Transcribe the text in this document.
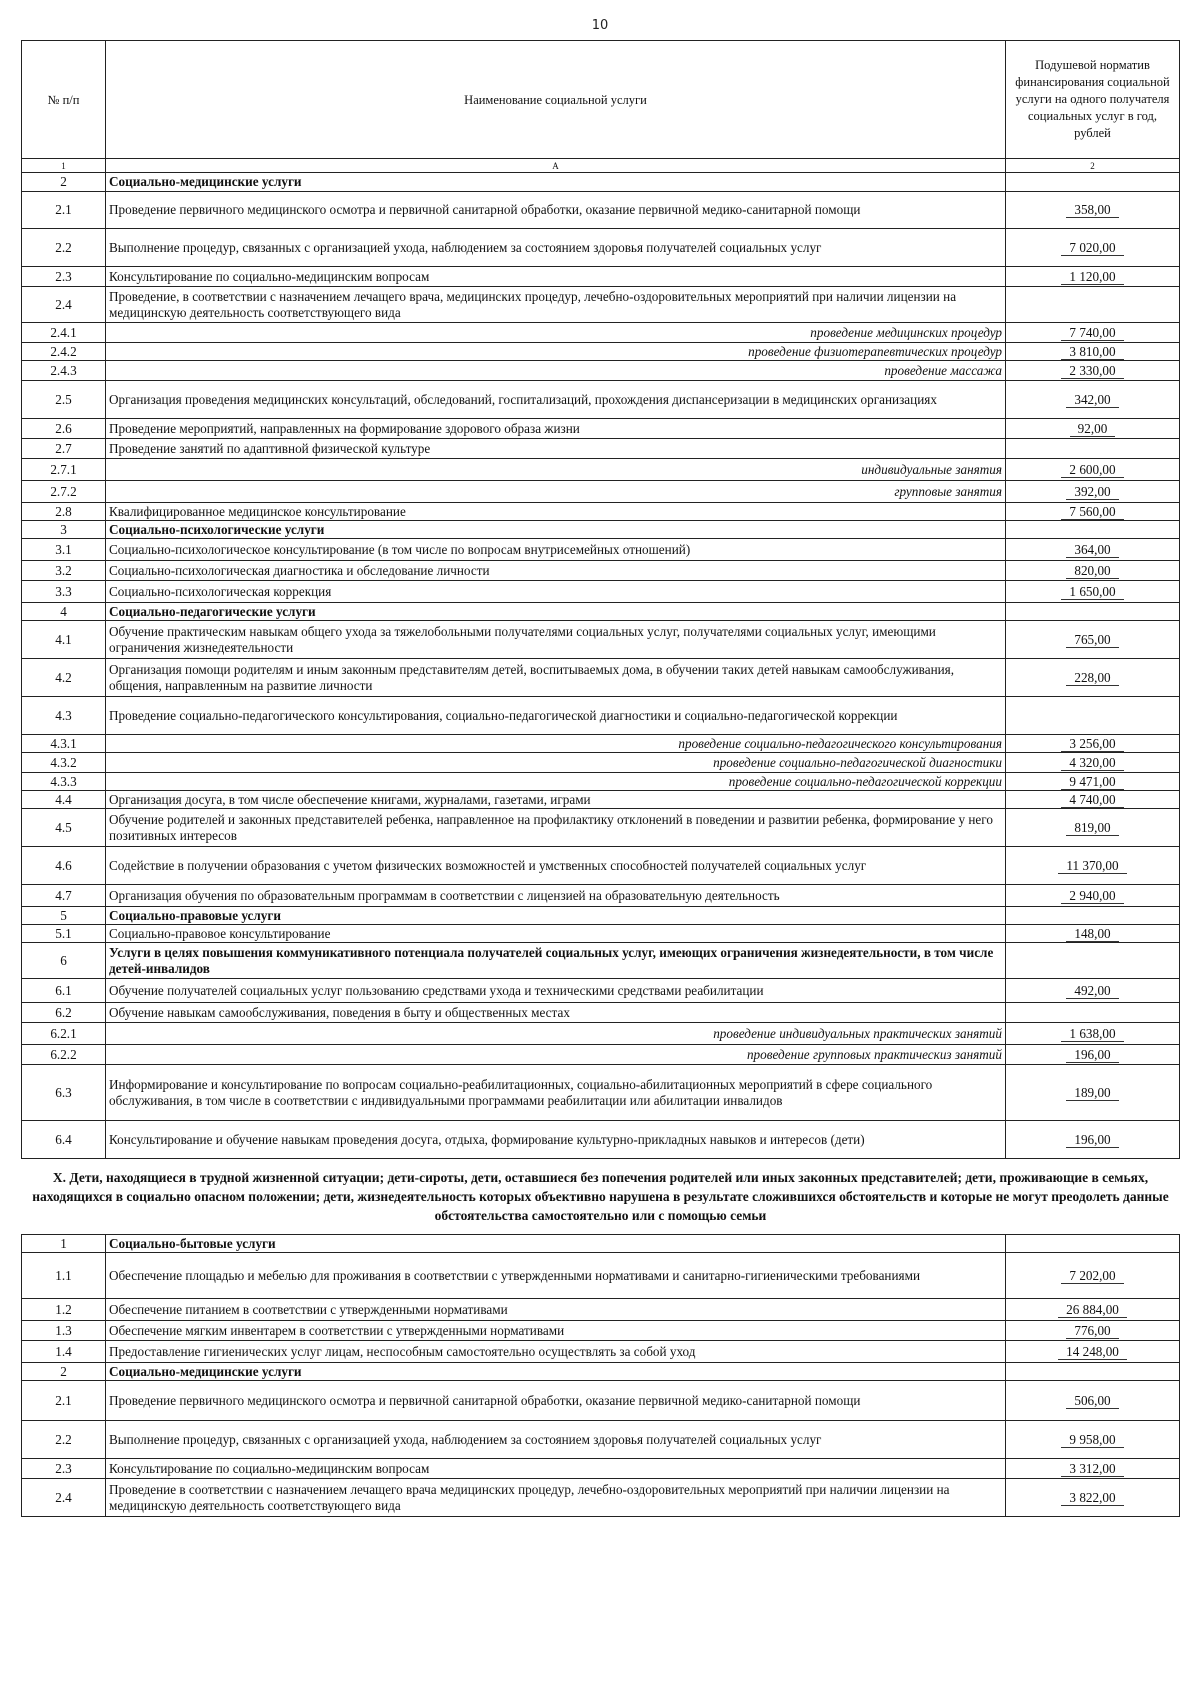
10
№ п/п	Наименование социальной услуги	Подушевой норматив финансирования социальной услуги на одного получателя социальных услуг в год, рублей
1	А	2
2	Социально-медицинские услуги	
2.1	Проведение первичного медицинского осмотра и первичной санитарной обработки, оказание первичной медико-санитарной помощи	358,00
2.2	Выполнение процедур, связанных с организацией ухода, наблюдением за состоянием здоровья получателей социальных услуг	7 020,00
2.3	Консультирование по социально-медицинским вопросам	1 120,00
2.4	Проведение, в соответствии с назначением лечащего врача, медицинских процедур, лечебно-оздоровительных мероприятий при наличии лицензии на медицинскую деятельность соответствующего вида	
2.4.1	проведение медицинских процедур	7 740,00
2.4.2	проведение физиотерапевтических процедур	3 810,00
2.4.3	проведение массажа	2 330,00
2.5	Организация проведения медицинских консультаций, обследований, госпитализаций, прохождения диспансеризации в медицинских организациях	342,00
2.6	Проведение мероприятий, направленных на формирование здорового образа жизни	92,00
2.7	Проведение занятий по адаптивной физической культуре	
2.7.1	индивидуальные занятия	2 600,00
2.7.2	групповые занятия	392,00
2.8	Квалифицированное медицинское консультирование	7 560,00
3	Социально-психологические услуги	
3.1	Социально-психологическое консультирование (в том числе по вопросам внутрисемейных отношений)	364,00
3.2	Социально-психологическая диагностика и обследование личности	820,00
3.3	Социально-психологическая коррекция	1 650,00
4	Социально-педагогические услуги	
4.1	Обучение практическим навыкам общего ухода за тяжелобольными получателями социальных услуг, получателями социальных услуг, имеющими ограничения жизнедеятельности	765,00
4.2	Организация помощи родителям и иным законным представителям детей, воспитываемых дома, в обучении таких детей навыкам самообслуживания, общения, направленным на развитие личности	228,00
4.3	Проведение социально-педагогического консультирования, социально-педагогической диагностики и социально-педагогической коррекции	
4.3.1	проведение социально-педагогического консультирования	3 256,00
4.3.2	проведение социально-педагогической диагностики	4 320,00
4.3.3	проведение социально-педагогической коррекции	9 471,00
4.4	Организация досуга, в том числе обеспечение книгами, журналами, газетами, играми	4 740,00
4.5	Обучение родителей и законных представителей ребенка, направленное на профилактику отклонений в поведении и развитии ребенка, формирование у него позитивных интересов	819,00
4.6	Содействие в получении образования с учетом физических возможностей и умственных способностей получателей социальных услуг	11 370,00
4.7	Организация обучения по образовательным программам в соответствии с лицензией на образовательную деятельность	2 940,00
5	Социально-правовые услуги	
5.1	Социально-правовое консультирование	148,00
6	Услуги в целях повышения коммуникативного потенциала получателей социальных услуг, имеющих ограничения жизнедеятельности, в том числе детей-инвалидов	
6.1	Обучение получателей социальных услуг пользованию средствами ухода и техническими средствами реабилитации	492,00
6.2	Обучение навыкам самообслуживания, поведения в быту и общественных местах	
6.2.1	проведение индивидуальных практических занятий	1 638,00
6.2.2	проведение групповых практическиз занятий	196,00
6.3	Информирование и консультирование по вопросам социально-реабилитационных, социально-абилитационных мероприятий в сфере социального обслуживания, в том числе в соответствии с индивидуальными программами реабилитации или абилитации инвалидов	189,00
6.4	Консультирование и обучение навыкам проведения досуга, отдыха, формирование культурно-прикладных навыков и интересов (дети)	196,00
X. Дети, находящиеся в трудной жизненной ситуации; дети-сироты, дети, оставшиеся без попечения родителей или иных законных представителей; дети, проживающие в семьях, находящихся в социально опасном положении; дети, жизнедеятельность которых объективно нарушена в результате сложившихся обстоятельств и которые не могут преодолеть данные обстоятельства самостоятельно или с помощью семьи		
1	Социально-бытовые услуги	
1.1	Обеспечение площадью и мебелью для проживания в соответствии с утвержденными нормативами и санитарно-гигиеническими требованиями	7 202,00
1.2	Обеспечение питанием в соответствии с утвержденными нормативами	26 884,00
1.3	Обеспечение мягким инвентарем в соответствии с утвержденными нормативами	776,00
1.4	Предоставление гигиенических услуг лицам, неспособным самостоятельно осуществлять за собой уход	14 248,00
2	Социально-медицинские услуги	
2.1	Проведение первичного медицинского осмотра и первичной санитарной обработки, оказание первичной медико-санитарной помощи	506,00
2.2	Выполнение процедур, связанных с организацией ухода, наблюдением за состоянием здоровья получателей социальных услуг	9 958,00
2.3	Консультирование по социально-медицинским вопросам	3 312,00
2.4	Проведение в соответствии с назначением лечащего врача медицинских процедур, лечебно-оздоровительных мероприятий при наличии лицензии на медицинскую деятельность соответствующего вида	3 822,00
